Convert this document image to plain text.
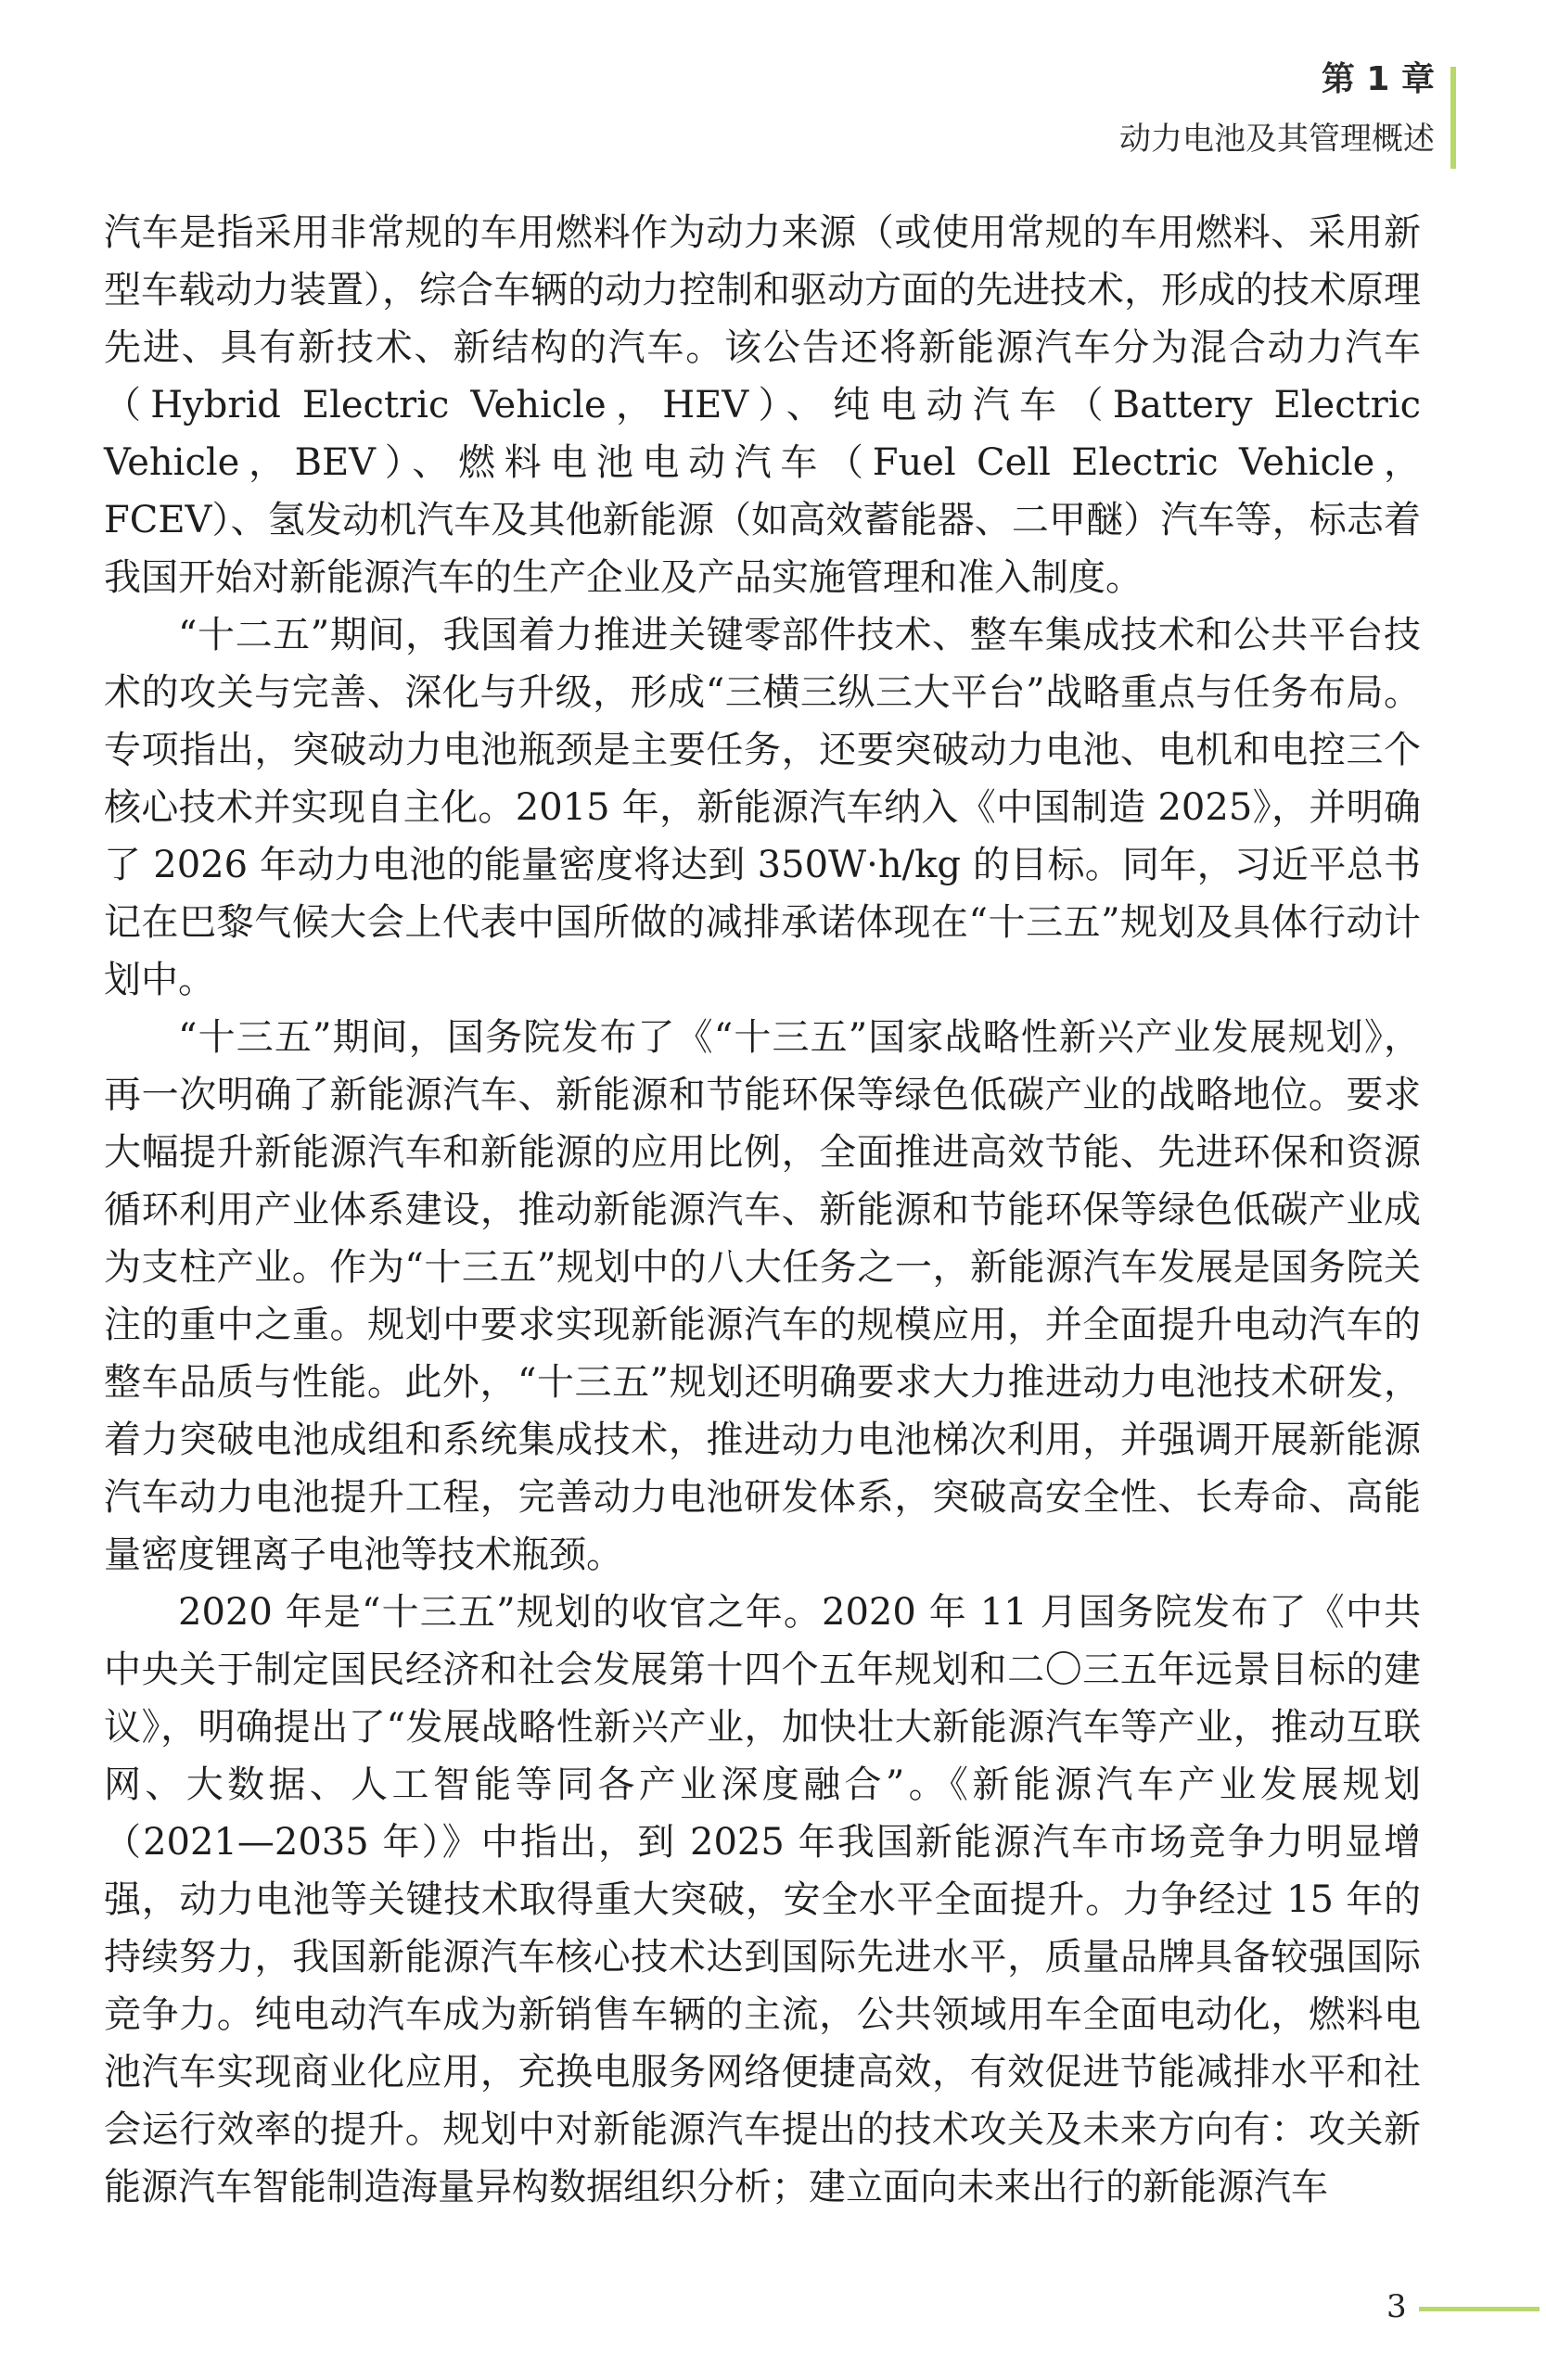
第 1 章
动力电池及其管理概述

汽车是指采用非常规的车用燃料作为动力来源（或使用常规的车用燃料、采用新型车载动力装置），综合车辆的动力控制和驱动方面的先进技术，形成的技术原理先进、具有新技术、新结构的汽车。该公告还将新能源汽车分为混合动力汽车（Hybrid Electric Vehicle，HEV）、纯电动汽车（Battery Electric Vehicle，BEV）、燃料电池电动汽车（Fuel Cell Electric Vehicle，FCEV）、氢发动机汽车及其他新能源（如高效蓄能器、二甲醚）汽车等，标志着我国开始对新能源汽车的生产企业及产品实施管理和准入制度。

“十二五”期间，我国着力推进关键零部件技术、整车集成技术和公共平台技术的攻关与完善、深化与升级，形成“三横三纵三大平台”战略重点与任务布局。专项指出，突破动力电池瓶颈是主要任务，还要突破动力电池、电机和电控三个核心技术并实现自主化。2015 年，新能源汽车纳入《中国制造 2025》，并明确了 2026 年动力电池的能量密度将达到 350W·h/kg 的目标。同年，习近平总书记在巴黎气候大会上代表中国所做的减排承诺体现在“十三五”规划及具体行动计划中。

“十三五”期间，国务院发布了《“十三五”国家战略性新兴产业发展规划》，再一次明确了新能源汽车、新能源和节能环保等绿色低碳产业的战略地位。要求大幅提升新能源汽车和新能源的应用比例，全面推进高效节能、先进环保和资源循环利用产业体系建设，推动新能源汽车、新能源和节能环保等绿色低碳产业成为支柱产业。作为“十三五”规划中的八大任务之一，新能源汽车发展是国务院关注的重中之重。规划中要求实现新能源汽车的规模应用，并全面提升电动汽车的整车品质与性能。此外，“十三五”规划还明确要求大力推进动力电池技术研发，着力突破电池成组和系统集成技术，推进动力电池梯次利用，并强调开展新能源汽车动力电池提升工程，完善动力电池研发体系，突破高安全性、长寿命、高能量密度锂离子电池等技术瓶颈。

2020 年是“十三五”规划的收官之年。2020 年 11 月国务院发布了《中共中央关于制定国民经济和社会发展第十四个五年规划和二〇三五年远景目标的建议》，明确提出了“发展战略性新兴产业，加快壮大新能源汽车等产业，推动互联网、大数据、人工智能等同各产业深度融合”。《新能源汽车产业发展规划（2021—2035 年）》中指出，到 2025 年我国新能源汽车市场竞争力明显增强，动力电池等关键技术取得重大突破，安全水平全面提升。力争经过 15 年的持续努力，我国新能源汽车核心技术达到国际先进水平，质量品牌具备较强国际竞争力。纯电动汽车成为新销售车辆的主流，公共领域用车全面电动化，燃料电池汽车实现商业化应用，充换电服务网络便捷高效，有效促进节能减排水平和社会运行效率的提升。规划中对新能源汽车提出的技术攻关及未来方向有：攻关新能源汽车智能制造海量异构数据组织分析；建立面向未来出行的新能源汽车

3
